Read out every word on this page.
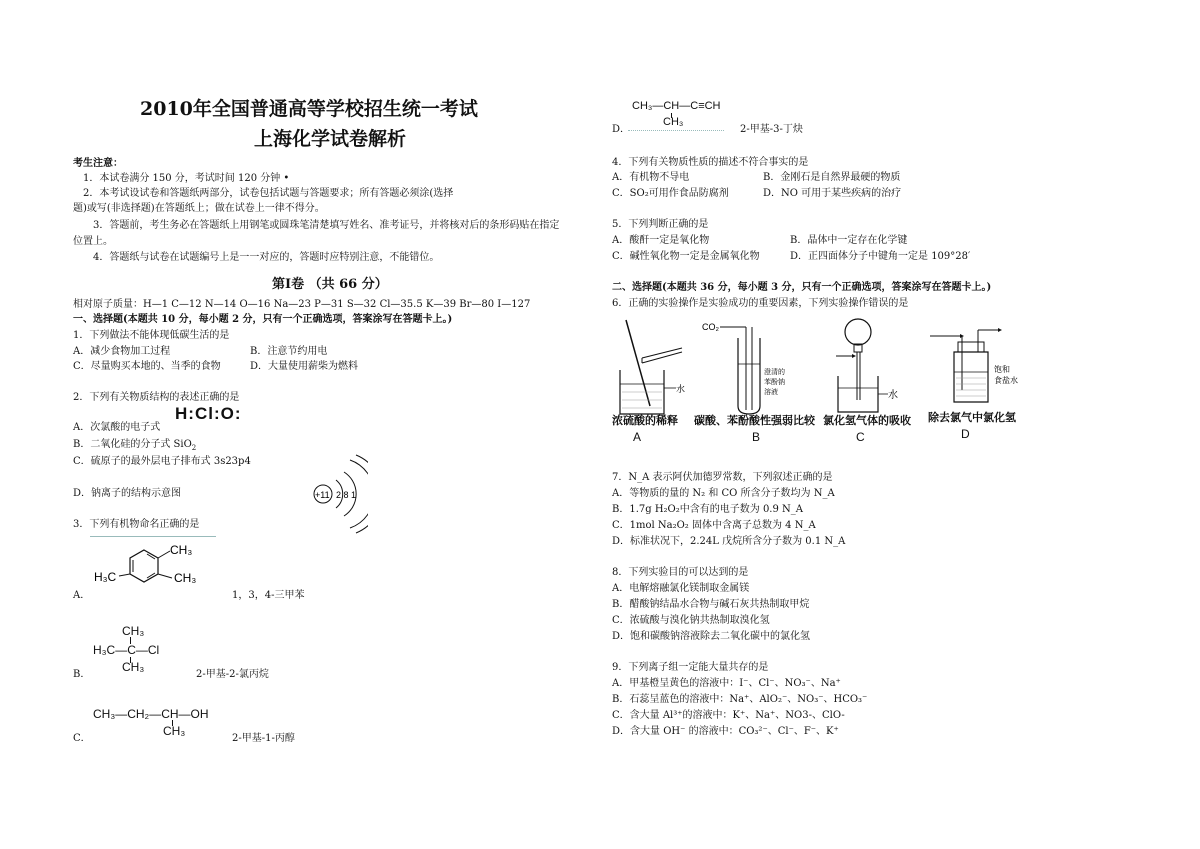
2010年全国普通高等学校招生统一考试
上海化学试卷解析
考生注意：
1．本试卷满分 150 分，考试时间 120 分钟 •
2．本考试设试卷和答题纸两部分，试卷包括试题与答题要求；所有答题必须涂(选择
题)或写(非选择题)在答题纸上；做在试卷上一律不得分。
3．答题前，考生务必在答题纸上用钢笔或圆珠笔清楚填写姓名、准考证号，并将核对后的条形码贴在指定
位置上。
4．答题纸与试卷在试题编号上是一一对应的，答题时应特别注意，不能错位。
第Ⅰ卷 （共 66 分）
相对原子质量：H—1 C—12 N—14 O—16 Na—23 P—31 S—32 Cl—35.5 K—39 Br—80 I—127
一、选择题(本题共 10 分，每小题 2 分，只有一个正确选项，答案涂写在答题卡上。)
1．下列做法不能体现低碳生活的是
A．减少食物加工过程	B．注意节约用电
C．尽量购买本地的、当季的食物	D．大量使用薪柴为燃料
2．下列有关物质结构的表述正确的是
A．次氯酸的电子式
H:Cl:O:
B．二氧化硅的分子式 SiO$_2$
C．硫原子的最外层电子排布式 3s23p4
D．钠离子的结构示意图	+11 2 8 1
3．下列有机物命名正确的是
CH₃
H₃C	CH₃
A．	1，3，4-三甲苯
CH₃
H₃C—C—Cl
CH₃
B．	2-甲基-2-氯丙烷
CH₃—CH₂—CH—OH
CH₃
C．	2-甲基-1-丙醇
CH₃—CH—C≡CH
CH₃
D．	2-甲基-3-丁炔
4．下列有关物质性质的描述不符合事实的是
A．有机物不导电	B．金刚石是自然界最硬的物质
C．SO₂可用作食品防腐剂	D．NO 可用于某些疾病的治疗
5．下列判断正确的是
A．酸酐一定是氧化物	B．晶体中一定存在化学键
C．碱性氧化物一定是金属氧化物	D．正四面体分子中键角一定是 109°28′
二、选择题(本题共 36 分，每小题 3 分，只有一个正确选项，答案涂写在答题卡上。)
6．正确的实验操作是实验成功的重要因素，下列实验操作错误的是
水
浓硫酸的稀释
A
CO₂
澄清的苯酚钠溶液
碳酸、苯酚酸性强弱比较
B
水
氯化氢气体的吸收
C
饱和食盐水
除去氯气中氯化氢
D
7．N_A 表示阿伏加德罗常数，下列叙述正确的是
A．等物质的量的 N₂ 和 CO 所含分子数均为 N_A
B．1.7g H₂O₂中含有的电子数为 0.9 N_A
C．1mol Na₂O₂ 固体中含离子总数为 4 N_A
D．标准状况下，2.24L 戊烷所含分子数为 0.1 N_A
8．下列实验目的可以达到的是
A．电解熔融氯化镁制取金属镁
B．醋酸钠结晶水合物与碱石灰共热制取甲烷
C．浓硫酸与溴化钠共热制取溴化氢
D．饱和碳酸钠溶液除去二氧化碳中的氯化氢
9．下列离子组一定能大量共存的是
A．甲基橙呈黄色的溶液中：I⁻、Cl⁻、NO₃⁻、Na⁺
B．石蕊呈蓝色的溶液中：Na⁺、AlO₂⁻、NO₃⁻、HCO₃⁻
C．含大量 Al³⁺的溶液中：K⁺、Na⁺、NO3-、ClO-
D．含大量 OH⁻ 的溶液中：CO₃²⁻、Cl⁻、F⁻、K⁺
